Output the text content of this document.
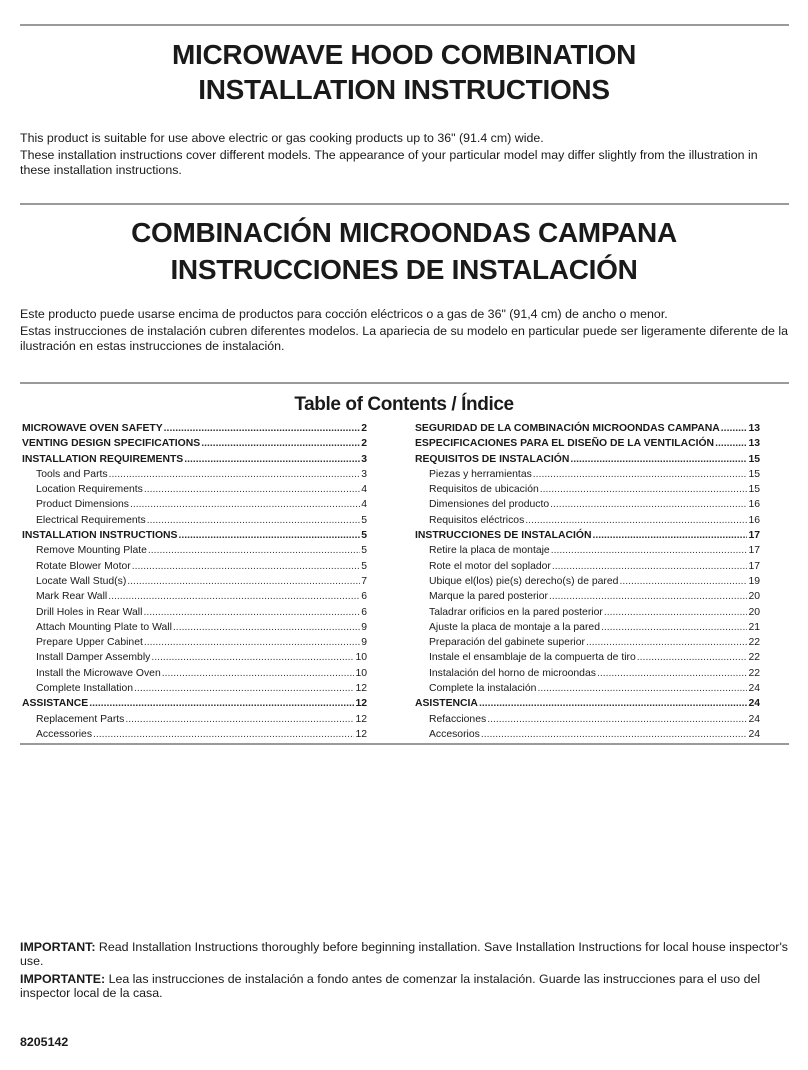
MICROWAVE HOOD COMBINATION
INSTALLATION INSTRUCTIONS

This product is suitable for use above electric or gas cooking products up to 36" (91.4 cm) wide.

These installation instructions cover different models. The appearance of your particular model may differ slightly from the illustration in these installation instructions.

COMBINACIÓN MICROONDAS CAMPANA
INSTRUCCIONES DE INSTALACIÓN

Este producto puede usarse encima de productos para cocción eléctricos o a gas de 36" (91,4 cm) de ancho o menor.

Estas instrucciones de instalación cubren diferentes modelos. La apariecia de su modelo en particular puede ser ligeramente diferente de la ilustración en estas instrucciones de instalación.

Table of Contents / Índice
MICROWAVE OVEN SAFETY .....	2
VENTING DESIGN SPECIFICATIONS .....	2
INSTALLATION REQUIREMENTS .....	3
Tools and Parts .....	3
Location Requirements .....	4
Product Dimensions .....	4
Electrical Requirements .....	5
INSTALLATION INSTRUCTIONS .....	5
Remove Mounting Plate .....	5
Rotate Blower Motor .....	5
Locate Wall Stud(s) .....	7
Mark Rear Wall .....	6
Drill Holes in Rear Wall .....	6
Attach Mounting Plate to Wall .....	9
Prepare Upper Cabinet .....	9
Install Damper Assembly .....	10
Install the Microwave Oven .....	10
Complete Installation .....	12
ASSISTANCE .....	12
Replacement Parts .....	12
Accessories .....	12
SEGURIDAD DE LA COMBINACIÓN MICROONDAS CAMPANA .....	13
ESPECIFICACIONES PARA EL DISEÑO DE LA VENTILACIÓN .....	13
REQUISITOS DE INSTALACIÓN .....	15
Piezas y herramientas .....	15
Requisitos de ubicación .....	15
Dimensiones del producto .....	16
Requisitos eléctricos .....	16
INSTRUCCIONES DE INSTALACIÓN .....	17
Retire la placa de montaje .....	17
Rote el motor del soplador .....	17
Ubique el(los) pie(s) derecho(s) de pared .....	19
Marque la pared posterior .....	20
Taladrar orificios en la pared posterior .....	20
Ajuste la placa de montaje a la pared .....	21
Preparación del gabinete superior .....	22
Instale el ensamblaje de la compuerta de tiro .....	22
Instalación del horno de microondas .....	22
Complete la instalación .....	24
ASISTENCIA .....	24
Refacciones .....	24
Accesorios .....	24

IMPORTANT: Read Installation Instructions thoroughly before beginning installation. Save Installation Instructions for local house inspector's use.

IMPORTANTE: Lea las instrucciones de instalación a fondo antes de comenzar la instalación. Guarde las instrucciones para el uso del inspector local de la casa.

8205142
